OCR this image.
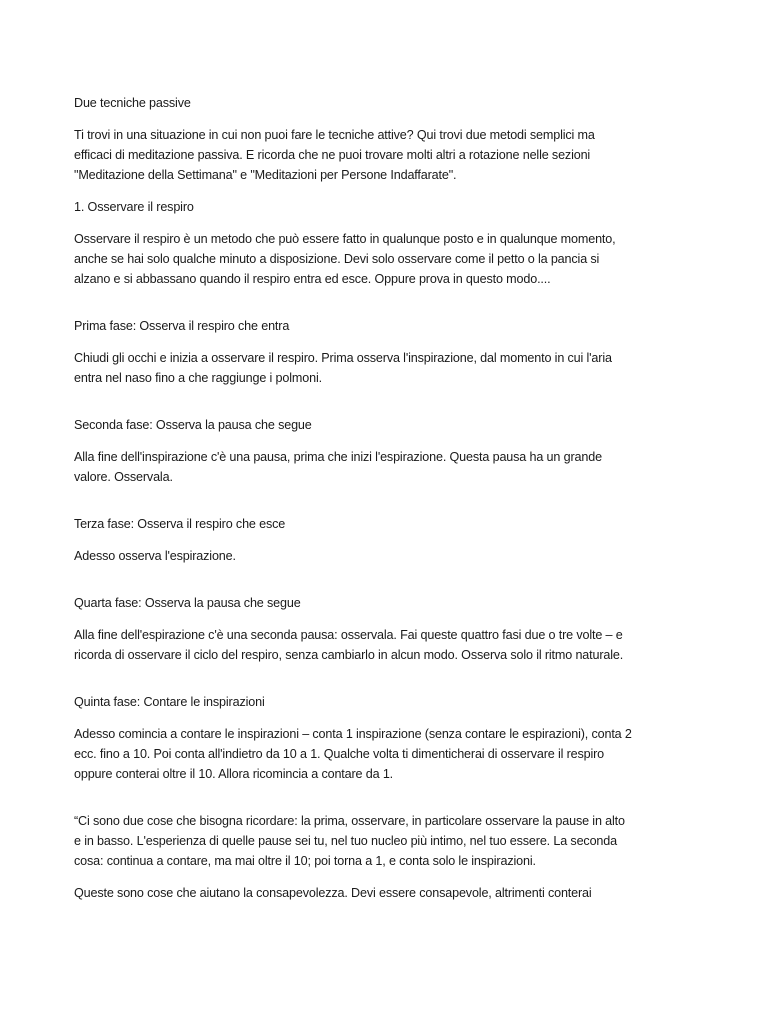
Due tecniche passive

Ti trovi in una situazione in cui non puoi fare le tecniche attive? Qui trovi due metodi semplici ma efficaci di meditazione passiva. E ricorda che ne puoi trovare molti altri a rotazione nelle sezioni "Meditazione della Settimana" e "Meditazioni per Persone Indaffarate".

1. Osservare il respiro

Osservare il respiro è un metodo che può essere fatto in qualunque posto e in qualunque momento, anche se hai solo qualche minuto a disposizione. Devi solo osservare come il petto o la pancia si alzano e si abbassano quando il respiro entra ed esce. Oppure prova in questo modo....

Prima fase: Osserva il respiro che entra

Chiudi gli occhi e inizia a osservare il respiro. Prima osserva l'inspirazione, dal momento in cui l'aria entra nel naso fino a che raggiunge i polmoni.

Seconda fase: Osserva la pausa che segue

Alla fine dell'inspirazione c'è una pausa, prima che inizi l'espirazione. Questa pausa ha un grande valore. Osservala.

Terza fase: Osserva il respiro che esce

Adesso osserva l'espirazione.

Quarta fase: Osserva la pausa che segue

Alla fine dell'espirazione c'è una seconda pausa: osservala. Fai queste quattro fasi due o tre volte – e ricorda di osservare il ciclo del respiro, senza cambiarlo in alcun modo. Osserva solo il ritmo naturale.

Quinta fase: Contare le inspirazioni

Adesso comincia a contare le inspirazioni – conta 1 inspirazione (senza contare le espirazioni), conta 2 ecc. fino a 10. Poi conta all'indietro da 10 a 1. Qualche volta ti dimenticherai di osservare il respiro oppure conterai oltre il 10. Allora ricomincia a contare da 1.

“Ci sono due cose che bisogna ricordare: la prima, osservare, in particolare osservare la pause in alto e in basso. L'esperienza di quelle pause sei tu, nel tuo nucleo più intimo, nel tuo essere. La seconda cosa: continua a contare, ma mai oltre il 10; poi torna a 1, e conta solo le inspirazioni.

Queste sono cose che aiutano la consapevolezza. Devi essere consapevole, altrimenti conterai
